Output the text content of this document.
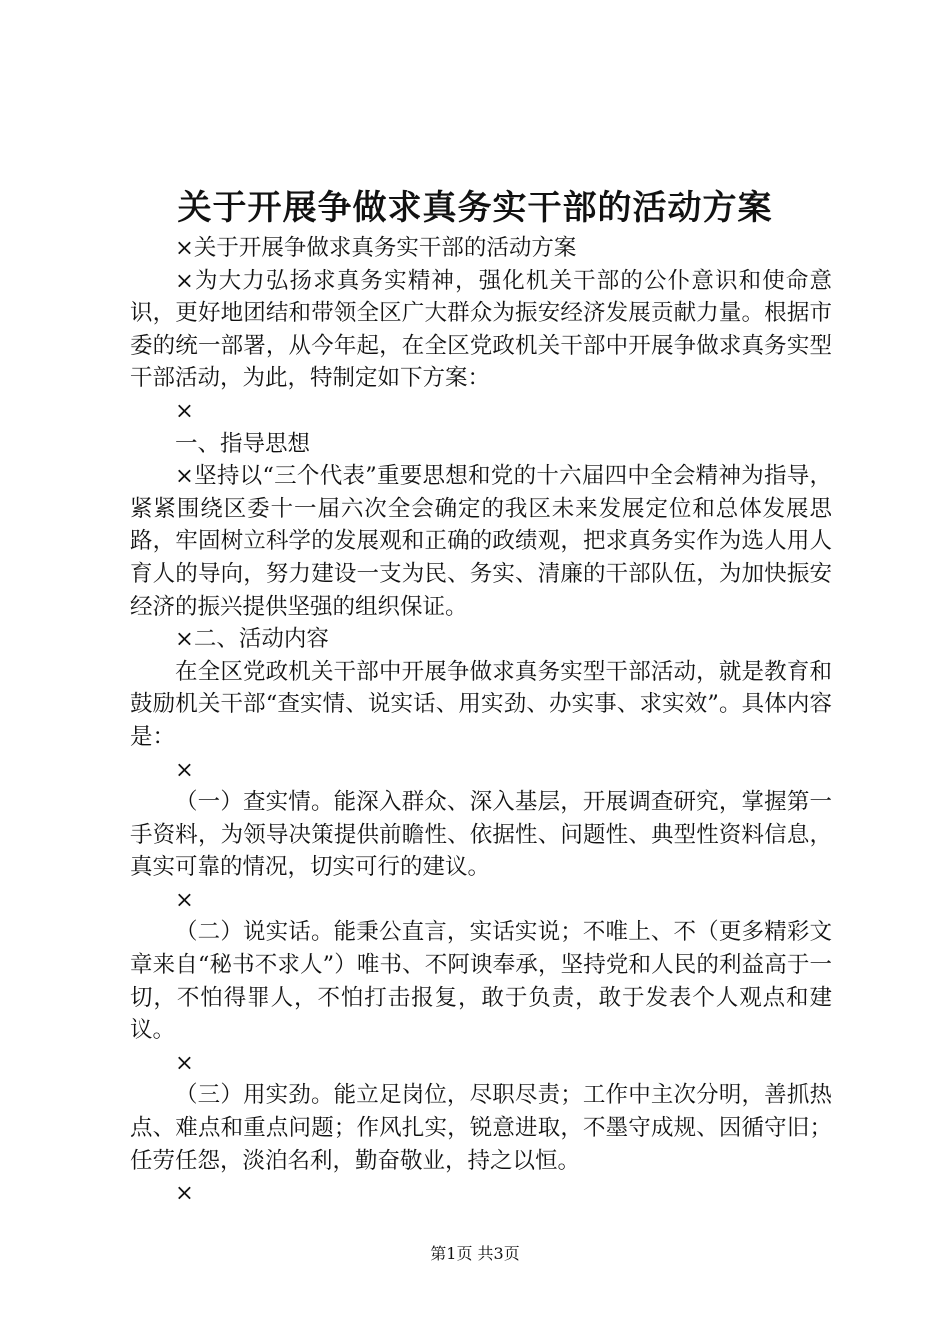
关于开展争做求真务实干部的活动方案

×关于开展争做求真务实干部的活动方案

×为大力弘扬求真务实精神，强化机关干部的公仆意识和使命意识，更好地团结和带领全区广大群众为振安经济发展贡献力量。根据市委的统一部署，从今年起，在全区党政机关干部中开展争做求真务实型干部活动，为此，特制定如下方案：

×

一、指导思想

×坚持以“三个代表”重要思想和党的十六届四中全会精神为指导，紧紧围绕区委十一届六次全会确定的我区未来发展定位和总体发展思路，牢固树立科学的发展观和正确的政绩观，把求真务实作为选人用人育人的导向，努力建设一支为民、务实、清廉的干部队伍，为加快振安经济的振兴提供坚强的组织保证。

×二、活动内容

在全区党政机关干部中开展争做求真务实型干部活动，就是教育和鼓励机关干部“查实情、说实话、用实劲、办实事、求实效”。具体内容是：

×

（一）查实情。能深入群众、深入基层，开展调查研究，掌握第一手资料，为领导决策提供前瞻性、依据性、问题性、典型性资料信息，真实可靠的情况，切实可行的建议。

×

（二）说实话。能秉公直言，实话实说；不唯上、不（更多精彩文章来自“秘书不求人”）唯书、不阿谀奉承，坚持党和人民的利益高于一切，不怕得罪人，不怕打击报复，敢于负责，敢于发表个人观点和建议。

×

（三）用实劲。能立足岗位，尽职尽责；工作中主次分明，善抓热点、难点和重点问题；作风扎实，锐意进取，不墨守成规、因循守旧；任劳任怨，淡泊名利，勤奋敬业，持之以恒。

×

第1页 共3页
